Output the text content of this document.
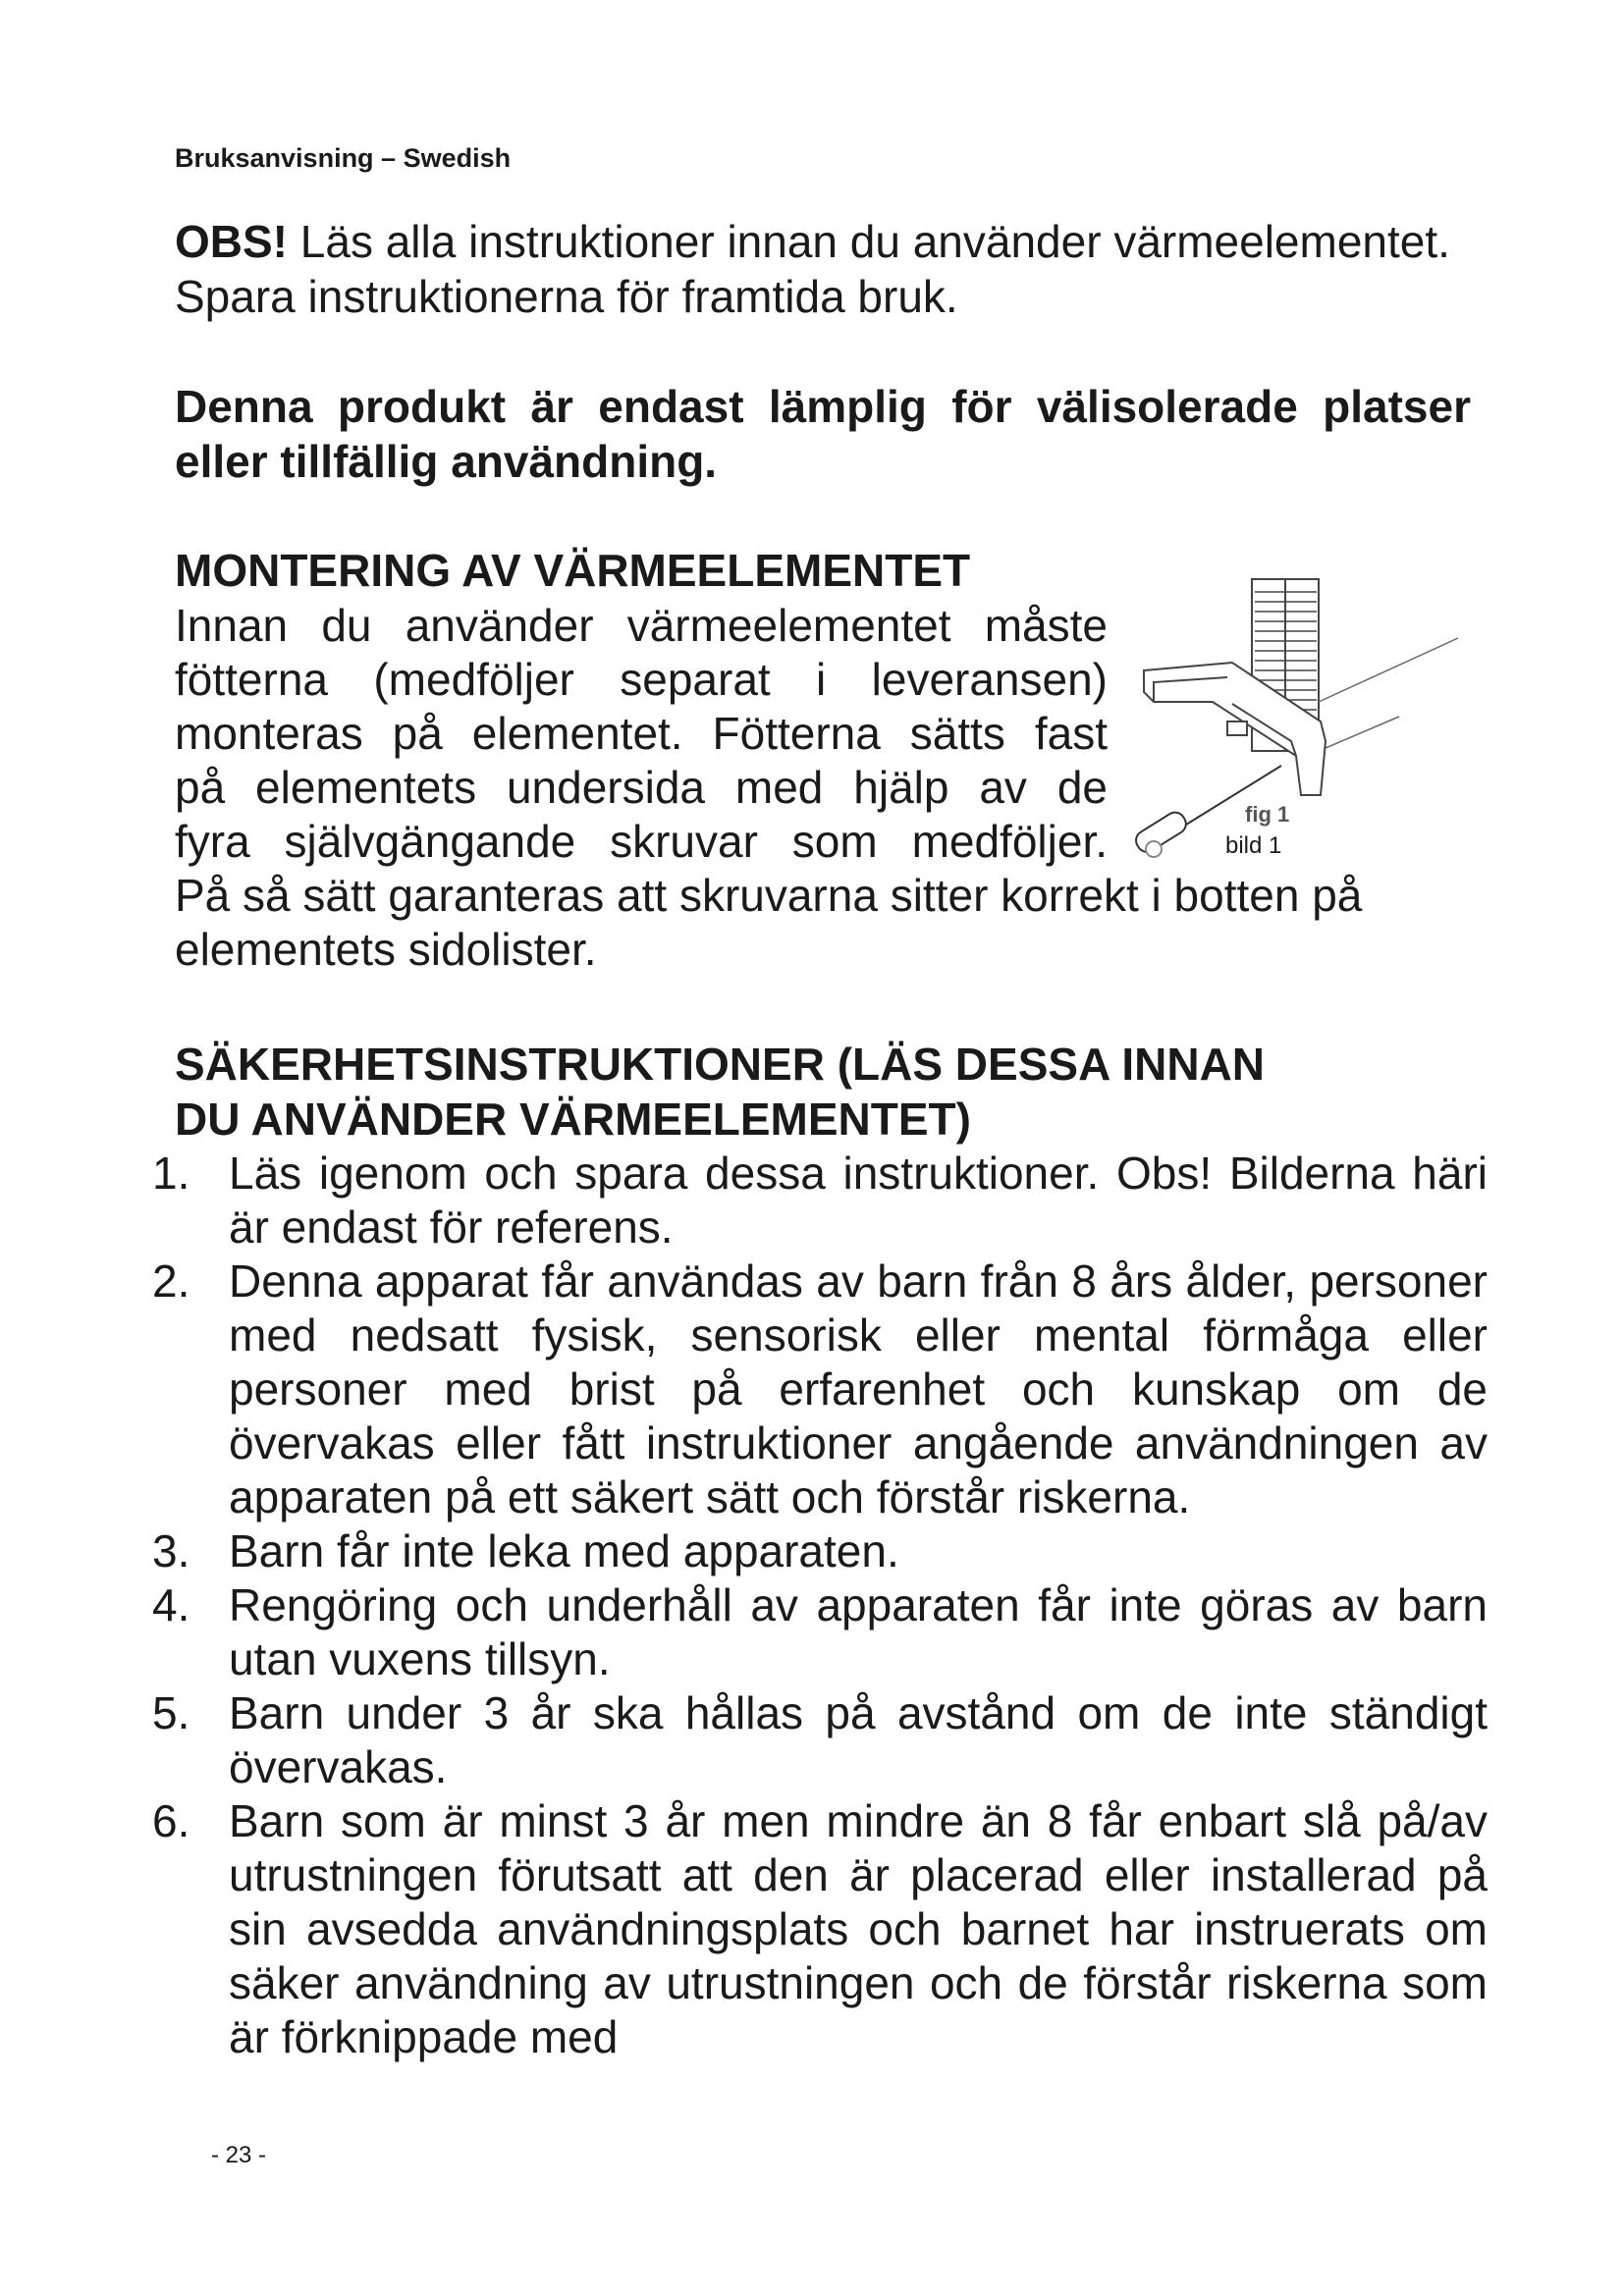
Bruksanvisning – Swedish
OBS! Läs alla instruktioner innan du använder värmeelementet. Spara instruktionerna för framtida bruk.
Denna produkt är endast lämplig för välisolerade platser eller tillfällig användning.
MONTERING AV VÄRMEELEMENTET
Innan du använder värmeelementet måste
fötterna (medföljer separat i leveransen)
monteras på elementet. Fötterna sätts fast
på elementets undersida med hjälp av de
fyra självgängande skruvar som medföljer.
fig 1
bild 1
På så sätt garanteras att skruvarna sitter korrekt i botten på elementets sidolister.
SÄKERHETSINSTRUKTIONER (LÄS DESSA INNAN DU ANVÄNDER VÄRMEELEMENTET)
1. Läs igenom och spara dessa instruktioner. Obs! Bilderna häri är endast för referens.
2. Denna apparat får användas av barn från 8 års ålder, personer med nedsatt fysisk, sensorisk eller mental förmåga eller personer med brist på erfarenhet och kunskap om de övervakas eller fått instruktioner angående användningen av apparaten på ett säkert sätt och förstår riskerna.
3. Barn får inte leka med apparaten.
4. Rengöring och underhåll av apparaten får inte göras av barn utan vuxens tillsyn.
5. Barn under 3 år ska hållas på avstånd om de inte ständigt övervakas.
6. Barn som är minst 3 år men mindre än 8 får enbart slå på/av utrustningen förutsatt att den är placerad eller installerad på sin avsedda användningsplats och barnet har instruerats om säker användning av utrustningen och de förstår riskerna som är förknippade med
- 23 -
